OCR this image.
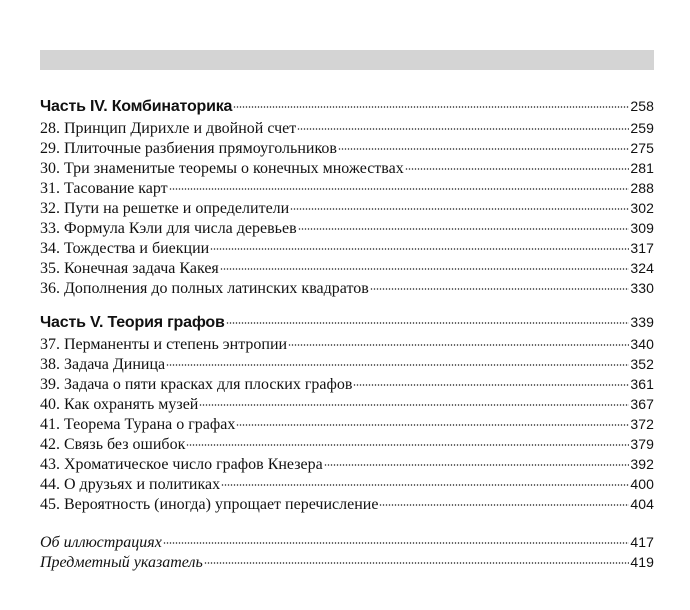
Часть IV. Комбинаторика	258
28. Принцип Дирихле и двойной счет	259
29. Плиточные разбиения прямоугольников	275
30. Три знаменитые теоремы о конечных множествах	281
31. Тасование карт	288
32. Пути на решетке и определители	302
33. Формула Кэли для числа деревьев	309
34. Тождества и биекции	317
35. Конечная задача Какея	324
36. Дополнения до полных латинских квадратов	330
Часть V. Теория графов	339
37. Перманенты и степень энтропии	340
38. Задача Диница	352
39. Задача о пяти красках для плоских графов	361
40. Как охранять музей	367
41. Теорема Турана о графах	372
42. Связь без ошибок	379
43. Хроматическое число графов Кнезера	392
44. О друзьях и политиках	400
45. Вероятность (иногда) упрощает перечисление	404
Об иллюстрациях	417
Предметный указатель	419
